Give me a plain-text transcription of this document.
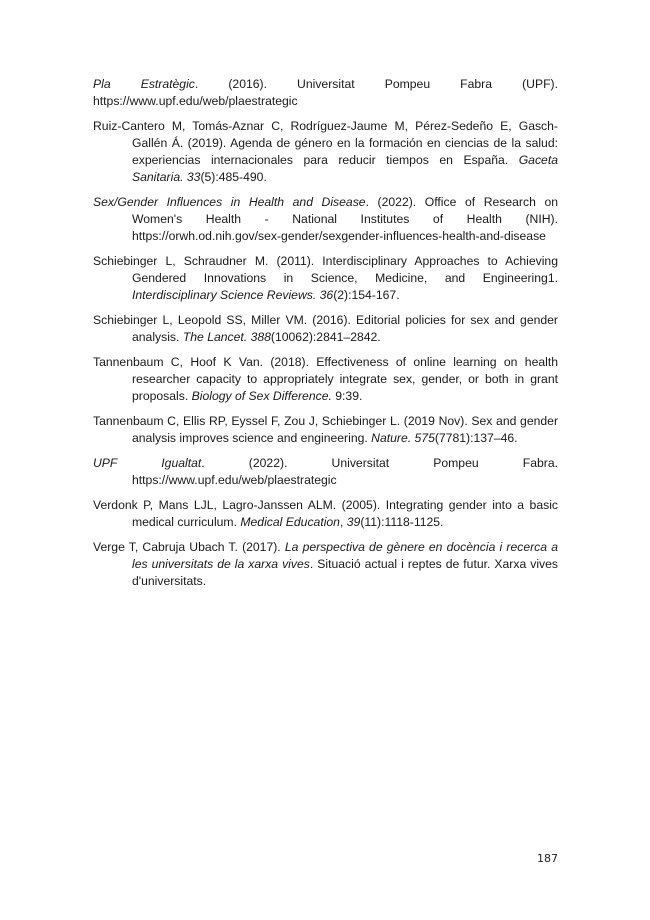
Pla Estratègic. (2016). Universitat Pompeu Fabra (UPF).
https://www.upf.edu/web/plaestrategic

Ruiz-Cantero M, Tomás-Aznar C, Rodríguez-Jaume M, Pérez-Sedeño E, Gasch-Gallén Á. (2019). Agenda de género en la formación en ciencias de la salud: experiencias internacionales para reducir tiempos en España. Gaceta Sanitaria. 33(5):485-490.

Sex/Gender Influences in Health and Disease. (2022). Office of Research on Women's Health - National Institutes of Health (NIH). https://orwh.od.nih.gov/sex-gender/sexgender-influences-health-and-disease

Schiebinger L, Schraudner M. (2011). Interdisciplinary Approaches to Achieving Gendered Innovations in Science, Medicine, and Engineering1. Interdisciplinary Science Reviews. 36(2):154-167.

Schiebinger L, Leopold SS, Miller VM. (2016). Editorial policies for sex and gender analysis. The Lancet. 388(10062):2841–2842.

Tannenbaum C, Hoof K Van. (2018). Effectiveness of online learning on health researcher capacity to appropriately integrate sex, gender, or both in grant proposals. Biology of Sex Difference. 9:39.

Tannenbaum C, Ellis RP, Eyssel F, Zou J, Schiebinger L. (2019 Nov). Sex and gender analysis improves science and engineering. Nature. 575(7781):137–46.

UPF Igualtat. (2022). Universitat Pompeu Fabra. https://www.upf.edu/web/plaestrategic

Verdonk P, Mans LJL, Lagro-Janssen ALM. (2005). Integrating gender into a basic medical curriculum. Medical Education, 39(11):1118-1125.

Verge T, Cabruja Ubach T. (2017). La perspectiva de gènere en docència i recerca a les universitats de la xarxa vives. Situació actual i reptes de futur. Xarxa vives d'universitats.

187
